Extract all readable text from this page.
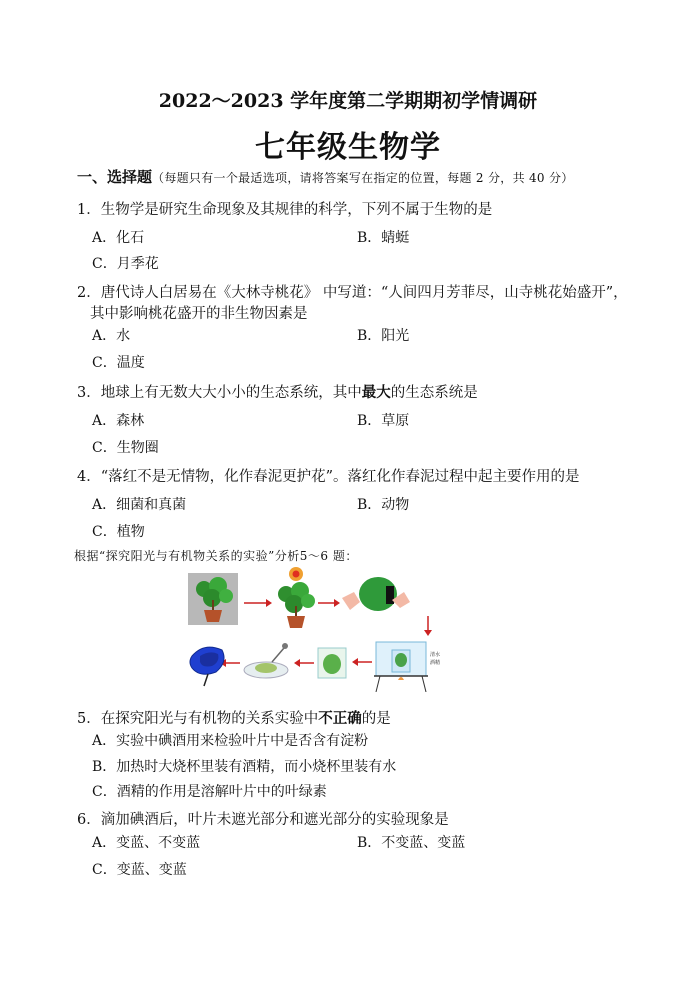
2022～2023 学年度第二学期期初学情调研
七年级生物学
一、选择题（每题只有一个最适选项，请将答案写在指定的位置，每题 2 分，共 40 分）
1．生物学是研究生命现象及其规律的科学，下列不属于生物的是
A．化石	B．蜻蜓
C．月季花
2．唐代诗人白居易在《大林寺桃花》 中写道：“人间四月芳菲尽，山寺桃花始盛开”，
其中影响桃花盛开的非生物因素是
A．水	B．阳光
C．温度
3．地球上有无数大大小小的生态系统，其中最大的生态系统是
A．森林	B．草原
C．生物圈
4．“落红不是无情物，化作春泥更护花”。落红化作春泥过程中起主要作用的是
A．细菌和真菌	B．动物
C．植物
根据“探究阳光与有机物关系的实验”分析5～6 题：
清水
酒精
5．在探究阳光与有机物的关系实验中不正确的是
A．实验中碘酒用来检验叶片中是否含有淀粉
B．加热时大烧杯里装有酒精，而小烧杯里装有水
C．酒精的作用是溶解叶片中的叶绿素
6．滴加碘酒后，叶片未遮光部分和遮光部分的实验现象是
A．变蓝、不变蓝	B．不变蓝、变蓝
C．变蓝、变蓝
